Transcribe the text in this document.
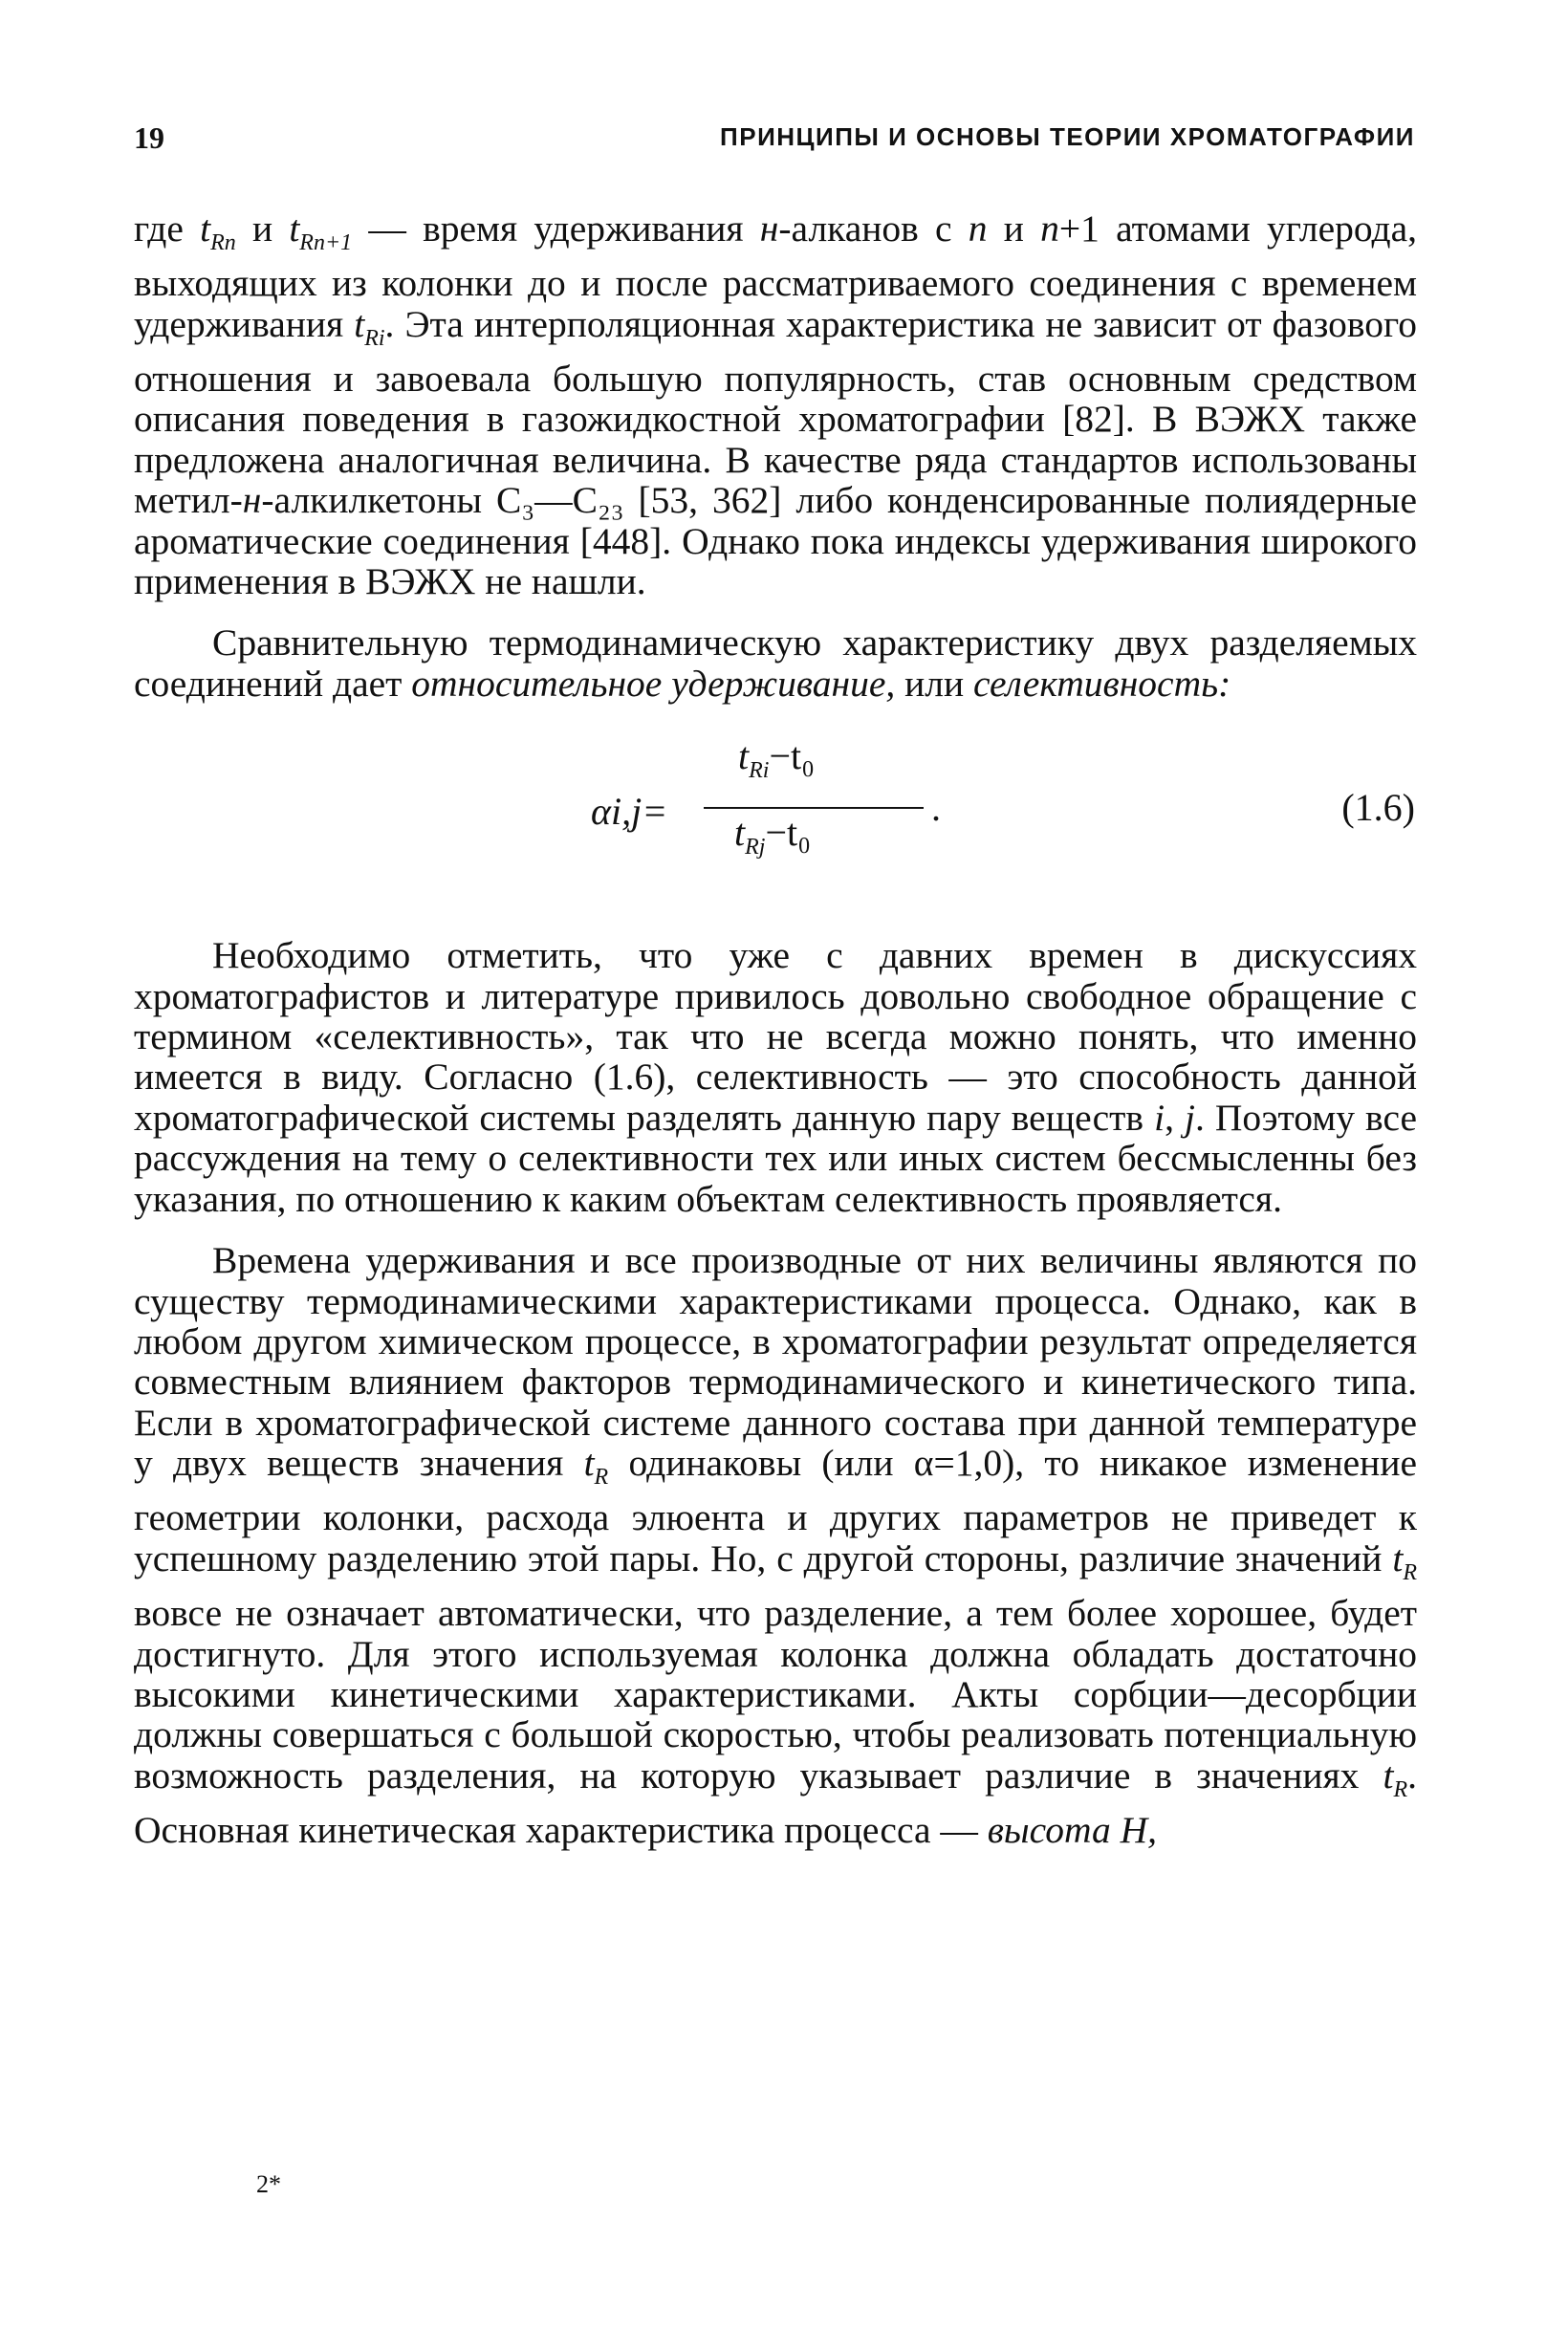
19	ПРИНЦИПЫ И ОСНОВЫ ТЕОРИИ ХРОМАТОГРАФИИ

где $t_{Rn}$ и $t_{Rn+1}$ — время удерживания н-алканов с n и n+1 атомами углерода, выходящих из колонки до и после рассматриваемого соединения с временем удерживания $t_{Ri}$. Эта интерполяционная характеристика не зависит от фазового отношения и завоевала большую популярность, став основным средством описания поведения в газожидкостной хроматографии [82]. В ВЭЖХ также предложена аналогичная величина. В качестве ряда стандартов использованы метил-н-алкилкетоны C₃—C₂₃ [53, 362] либо конденсированные полиядерные ароматические соединения [448]. Однако пока индексы удерживания широкого применения в ВЭЖХ не нашли.

Сравнительную термодинамическую характеристику двух разделяемых соединений дает относительное удерживание, или селективность:

αi,j=
$t_{Ri}-t_0$
$t_{Rj}-t_0$
.	(1.6)

Необходимо отметить, что уже с давних времен в дискуссиях хроматографистов и литературе привилось довольно свободное обращение с термином «селективность», так что не всегда можно понять, что именно имеется в виду. Согласно (1.6), селективность — это способность данной хроматографической системы разделять данную пару веществ i, j. Поэтому все рассуждения на тему о селективности тех или иных систем бессмысленны без указания, по отношению к каким объектам селективность проявляется.

Времена удерживания и все производные от них величины являются по существу термодинамическими характеристиками процесса. Однако, как в любом другом химическом процессе, в хроматографии результат определяется совместным влиянием факторов термодинамического и кинетического типа. Если в хроматографической системе данного состава при данной температуре у двух веществ значения $t_R$ одинаковы (или α=1,0), то никакое изменение геометрии колонки, расхода элюента и других параметров не приведет к успешному разделению этой пары. Но, с другой стороны, различие значений $t_R$ вовсе не означает автоматически, что разделение, а тем более хорошее, будет достигнуто. Для этого используемая колонка должна обладать достаточно высокими кинетическими характеристиками. Акты сорбции—десорбции должны совершаться с большой скоростью, чтобы реализовать потенциальную возможность разделения, на которую указывает различие в значениях $t_R$. Основная кинетическая характеристика процесса — высота H,

2*
